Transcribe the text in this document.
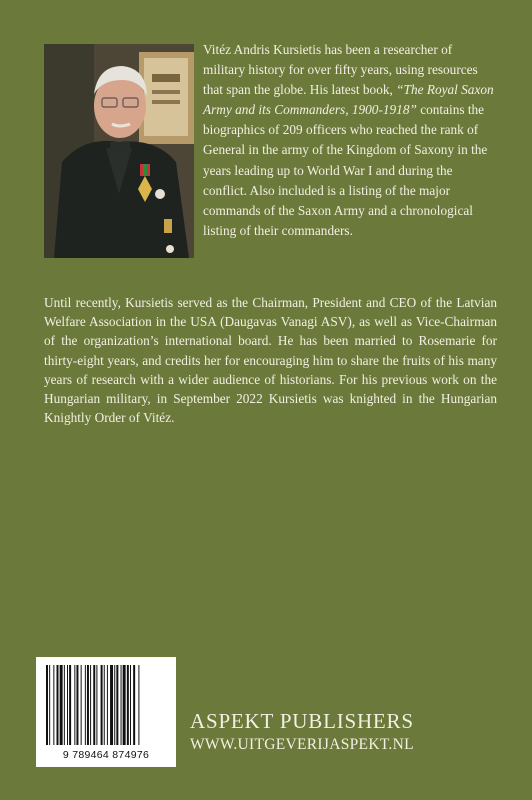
Vitéz Andris Kursietis has been a researcher of military history for over fifty years, using resources that span the globe. His latest book, “The Royal Saxon Army and its Commanders, 1900-1918” contains the biographics of 209 officers who reached the rank of General in the army of the Kingdom of Saxony in the years leading up to World War I and during the conflict. Also included is a listing of the major commands of the Saxon Army and a chronological listing of their commanders.

Until recently, Kursietis served as the Chairman, President and CEO of the Latvian Welfare Association in the USA (Daugavas Vanagi ASV), as well as Vice-Chairman of the organization’s international board. He has been married to Rosemarie for thirty-eight years, and credits her for encouraging him to share the fruits of his many years of research with a wider audience of historians. For his previous work on the Hungarian military, in September 2022 Kursietis was knighted in the Hungarian Knightly Order of Vitéz.

9 789464 874976
ASPEKT PUBLISHERS
WWW.UITGEVERIJASPEKT.NL
